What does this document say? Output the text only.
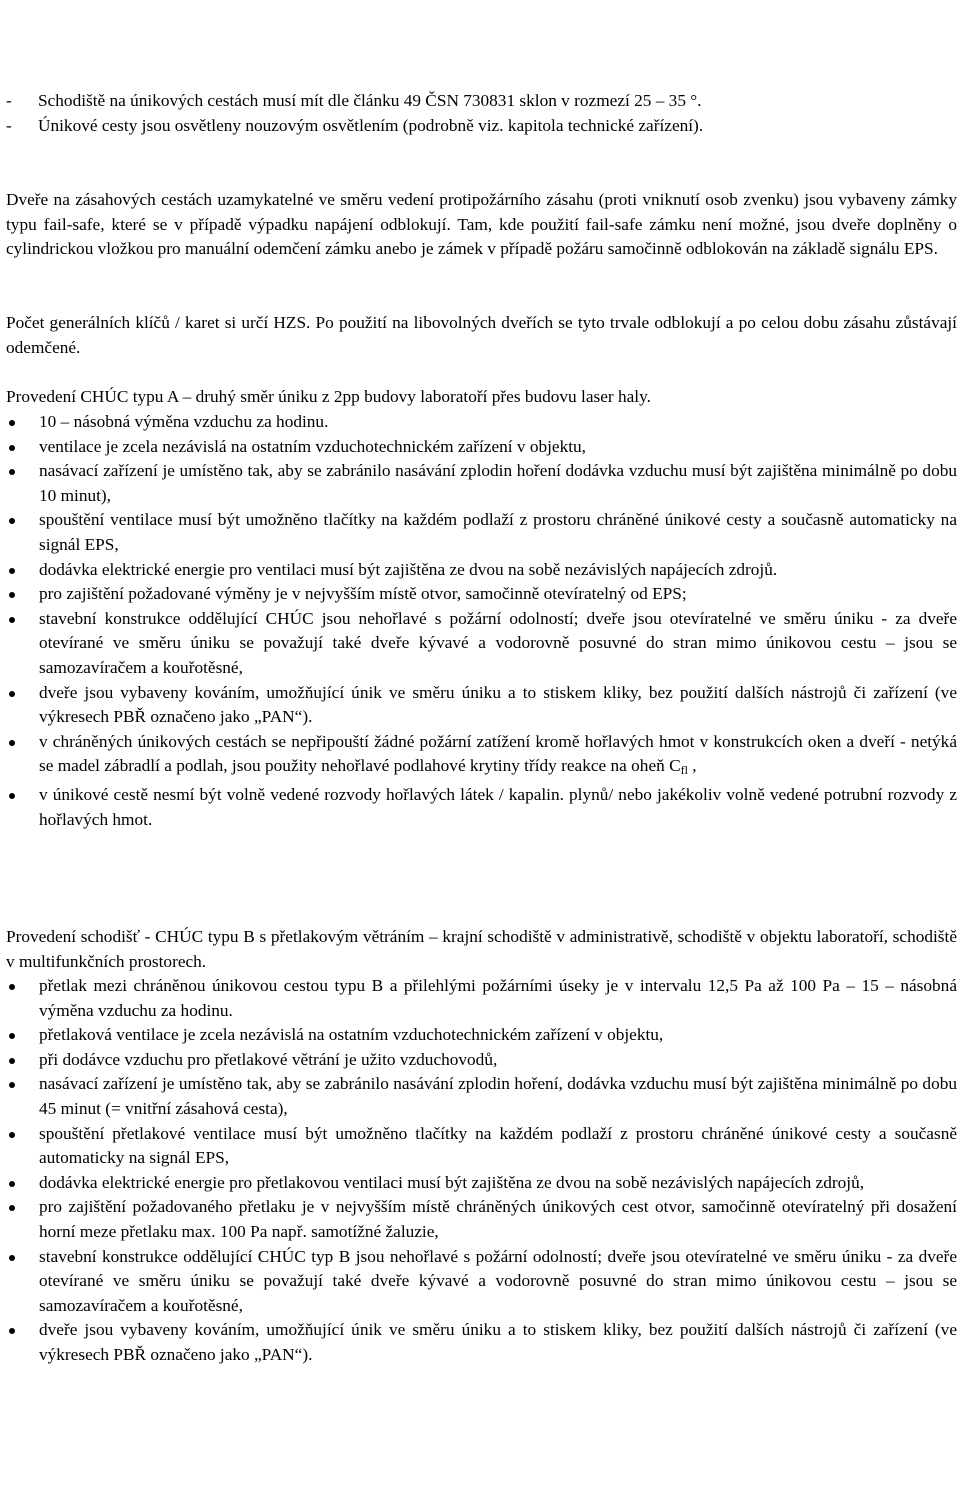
-	Schodiště na únikových cestách musí mít dle článku 49 ČSN 730831 sklon v rozmezí 25 – 35 °.
-	Únikové cesty jsou osvětleny nouzovým osvětlením (podrobně viz. kapitola technické zařízení).

Dveře na zásahových cestách uzamykatelné ve směru vedení protipožárního zásahu (proti vniknutí osob zvenku) jsou vybaveny zámky typu fail-safe, které se v případě výpadku napájení odblokují. Tam, kde použití fail-safe zámku není možné, jsou dveře doplněny o cylindrickou vložkou pro manuální odemčení zámku anebo je zámek v případě požáru samočinně odblokován na základě signálu EPS.

Počet generálních klíčů / karet si určí HZS. Po použití na libovolných dveřích se tyto trvale odblokují a po celou dobu zásahu zůstávají odemčené.

Provedení CHÚC typu A – druhý směr úniku z 2pp budovy laboratoří přes budovu laser haly.

10 – násobná výměna vzduchu za hodinu.
ventilace je zcela nezávislá na ostatním vzduchotechnickém zařízení v objektu,
nasávací zařízení je umístěno tak, aby se zabránilo nasávání zplodin hoření dodávka vzduchu musí být zajištěna minimálně po dobu 10 minut),
spouštění ventilace musí být umožněno tlačítky na každém podlaží z prostoru chráněné únikové cesty a současně automaticky na signál EPS,
dodávka elektrické energie pro ventilaci musí být zajištěna ze dvou na sobě nezávislých napájecích zdrojů.
pro zajištění požadované výměny je v nejvyšším místě otvor, samočinně otevíratelný od EPS;
stavební konstrukce oddělující CHÚC jsou nehořlavé s požární odolností; dveře jsou otevíratelné ve směru úniku - za dveře otevírané ve směru úniku se považují také dveře kývavé a vodorovně posuvné do stran mimo únikovou cestu – jsou se samozavíračem a kouřotěsné,
dveře jsou vybaveny kováním, umožňující únik ve směru úniku a to stiskem kliky, bez použití dalších nástrojů či zařízení (ve výkresech PBŘ označeno jako „PAN“).
v chráněných únikových cestách se nepřipouští žádné požární zatížení kromě hořlavých hmot v konstrukcích oken a dveří - netýká se madel zábradlí a podlah, jsou použity nehořlavé podlahové krytiny třídy reakce na oheň $C_{fl}$ ,
v únikové cestě nesmí být volně vedené rozvody hořlavých látek / kapalin. plynů/ nebo jakékoliv volně vedené potrubní rozvody z hořlavých hmot.

Provedení schodišť - CHÚC typu B s přetlakovým větráním – krajní schodiště v administrativě, schodiště v objektu laboratoří, schodiště v multifunkčních prostorech.

přetlak mezi chráněnou únikovou cestou typu B a přilehlými požárními úseky je v intervalu 12,5 Pa až 100 Pa – 15 – násobná výměna vzduchu za hodinu.
přetlaková ventilace je zcela nezávislá na ostatním vzduchotechnickém zařízení v objektu,
při dodávce vzduchu pro přetlakové větrání je užito vzduchovodů,
nasávací zařízení je umístěno tak, aby se zabránilo nasávání zplodin hoření, dodávka vzduchu musí být zajištěna minimálně po dobu 45 minut (= vnitřní zásahová cesta),
spouštění přetlakové ventilace musí být umožněno tlačítky na každém podlaží z prostoru chráněné únikové cesty a současně automaticky na signál EPS,
dodávka elektrické energie pro přetlakovou ventilaci musí být zajištěna ze dvou na sobě nezávislých napájecích zdrojů,
pro zajištění požadovaného přetlaku je v nejvyšším místě chráněných únikových cest otvor, samočinně otevíratelný při dosažení horní meze přetlaku max. 100 Pa např. samotížné žaluzie,
stavební konstrukce oddělující CHÚC typ B jsou nehořlavé s požární odolností; dveře jsou otevíratelné ve směru úniku - za dveře otevírané ve směru úniku se považují také dveře kývavé a vodorovně posuvné do stran mimo únikovou cestu – jsou se samozavíračem a kouřotěsné,
dveře jsou vybaveny kováním, umožňující únik ve směru úniku a to stiskem kliky, bez použití dalších nástrojů či zařízení (ve výkresech PBŘ označeno jako „PAN“).
